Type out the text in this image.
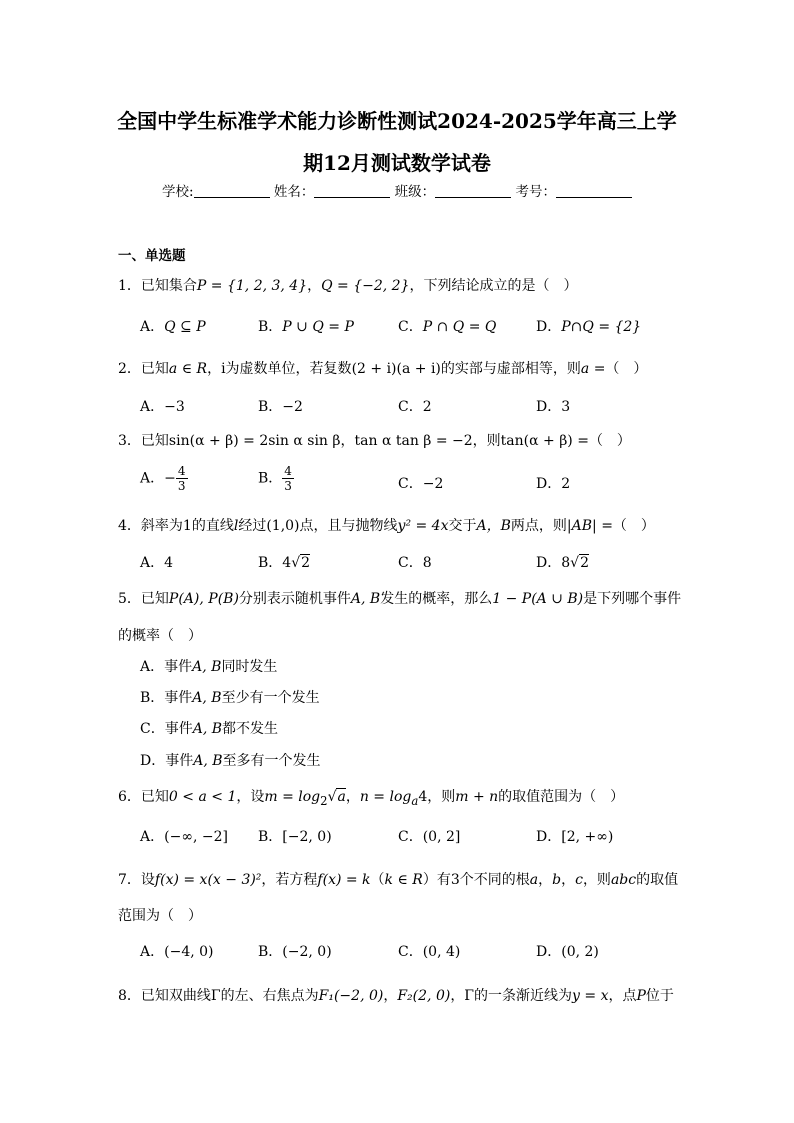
全国中学生标准学术能力诊断性测试2024-2025学年高三上学
期12月测试数学试卷
学校:	姓名：	班级：	考号：
一、单选题
1．已知集合P = {1, 2, 3, 4}，Q = {−2, 2}，下列结论成立的是（　）
A．Q ⊆ P	B．P ∪ Q = P	C．P ∩ Q = Q	D．P∩Q = {2}
2．已知a ∈ R，i为虚数单位，若复数(2 + i)(a + i)的实部与虚部相等，则a =（　）
A．−3	B．−2	C．2	D．3
3．已知sin(α + β) = 2sin α sin β，tan α tan β = −2，则tan(α + β) =（　）
A．− $\frac{4}{3}$	B． $\frac{4}{3}$	C．−2	D．2
4．斜率为1的直线l经过(1,0)点，且与抛物线y² = 4x交于A，B两点，则|AB| =（　）
A．4	B．4√2	C．8	D．8√2
5．已知P(A), P(B)分别表示随机事件A, B发生的概率，那么1 − P(A ∪ B)是下列哪个事件
的概率（　）
A．事件A, B同时发生
B．事件A, B至少有一个发生
C．事件A, B都不发生
D．事件A, B至多有一个发生
6．已知0 < a < 1，设$m = \log_2√a$，$n = \log_a4$，则m + n的取值范围为（　）
A．(−∞, −2] B．[−2, 0)	C．(0, 2]	D．[2, +∞)
7．设f(x) = x(x − 3)²，若方程f(x) = k（k ∈ R）有3个不同的根a，b，c，则abc的取值
范围为（　）
A．(−4, 0)	B．(−2, 0)	C．(0, 4)	D．(0, 2)
8．已知双曲线Γ的左、右焦点为F₁(−2, 0)，F₂(2, 0)，Γ的一条渐近线为y = x，点P位于
